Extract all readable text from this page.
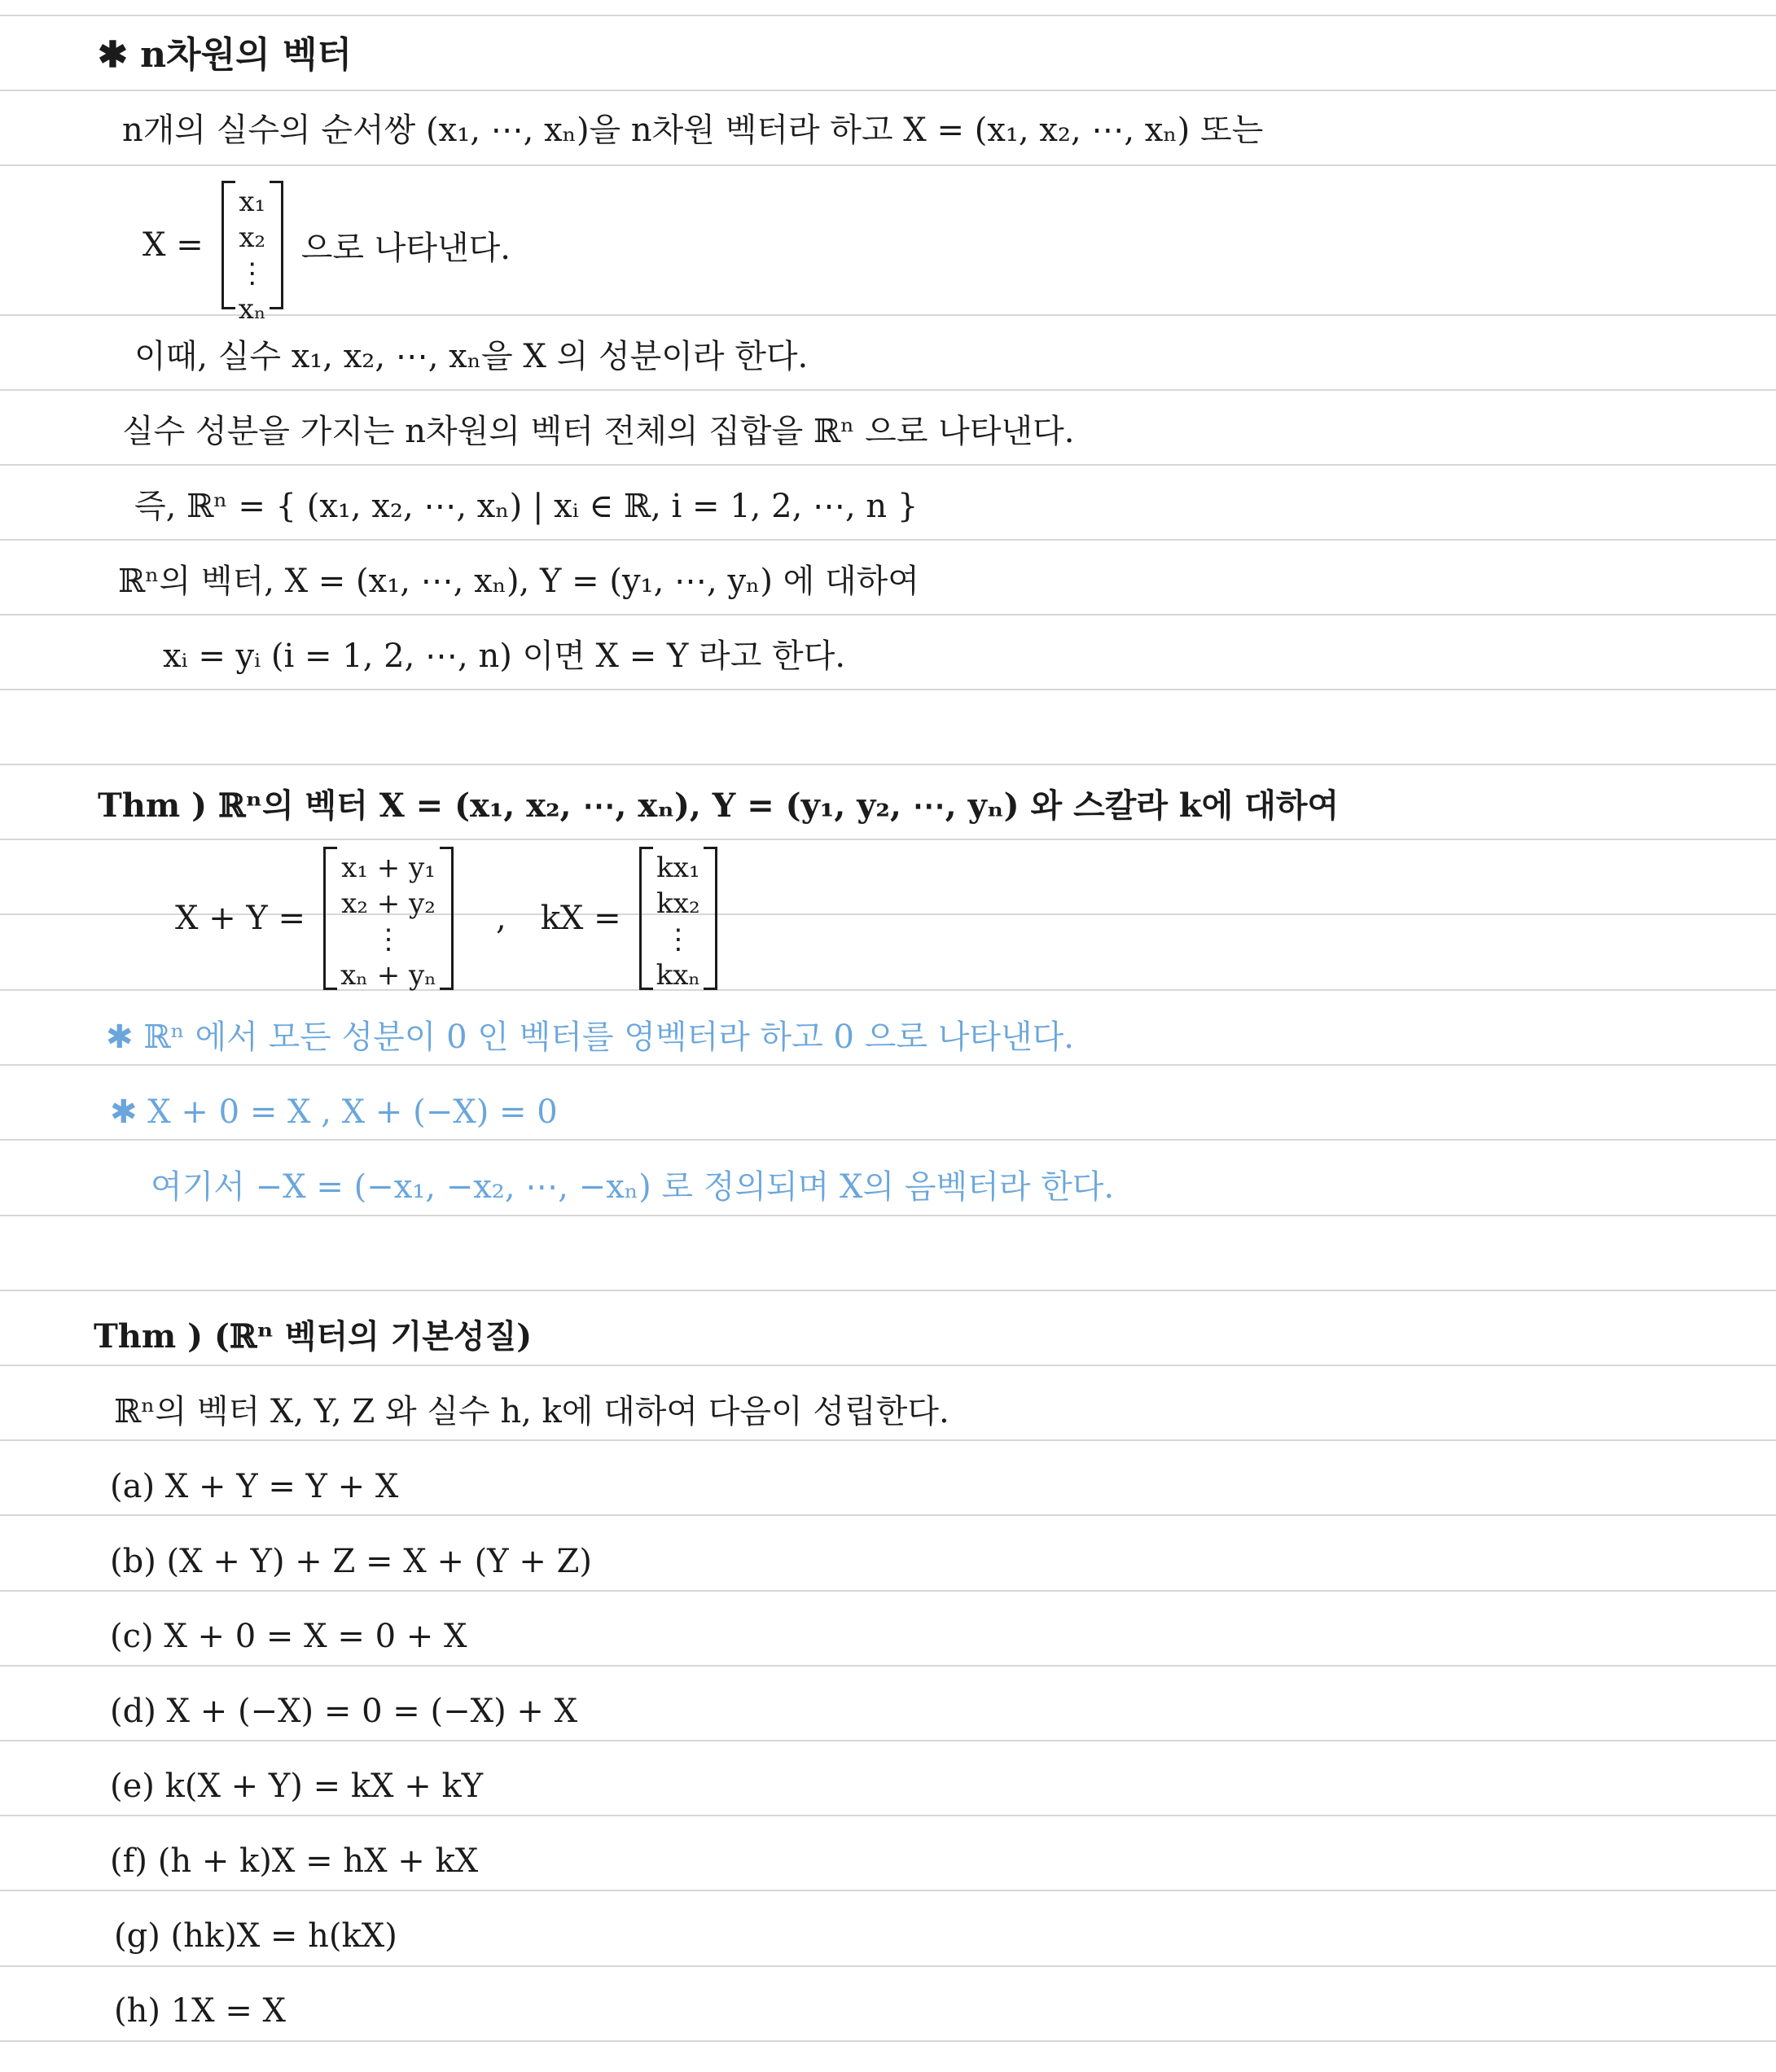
✱ n차원의 벡터
n개의 실수의 순서쌍 (x₁, ⋯, xₙ)을 n차원 벡터라 하고 X = (x₁, x₂, ⋯, xₙ) 또는
X =
x₁
x₂
⋮
xₙ
으로 나타낸다.
이때, 실수 x₁, x₂, ⋯, xₙ을 X 의 성분이라 한다.
실수 성분을 가지는 n차원의 벡터 전체의 집합을 ℝⁿ 으로 나타낸다.
즉, ℝⁿ = { (x₁, x₂, ⋯, xₙ) | xᵢ ∈ ℝ, i = 1, 2, ⋯, n }
ℝⁿ의 벡터, X = (x₁, ⋯, xₙ), Y = (y₁, ⋯, yₙ) 에 대하여
xᵢ = yᵢ (i = 1, 2, ⋯, n) 이면 X = Y 라고 한다.
Thm ) ℝⁿ의 벡터 X = (x₁, x₂, ⋯, xₙ), Y = (y₁, y₂, ⋯, yₙ) 와 스칼라 k에 대하여
X + Y =
x₁ + y₁
x₂ + y₂
⋮
xₙ + yₙ
, kX =
kx₁
kx₂
⋮
kxₙ
✱ ℝⁿ 에서 모든 성분이 0 인 벡터를 영벡터라 하고 0 으로 나타낸다.
✱ X + 0 = X , X + (−X) = 0
여기서 −X = (−x₁, −x₂, ⋯, −xₙ) 로 정의되며 X의 음벡터라 한다.
Thm ) (ℝⁿ 벡터의 기본성질)
ℝⁿ의 벡터 X, Y, Z 와 실수 h, k에 대하여 다음이 성립한다.
(a) X + Y = Y + X
(b) (X + Y) + Z = X + (Y + Z)
(c) X + 0 = X = 0 + X
(d) X + (−X) = 0 = (−X) + X
(e) k(X + Y) = kX + kY
(f) (h + k)X = hX + kX
(g) (hk)X = h(kX)
(h) 1X = X
